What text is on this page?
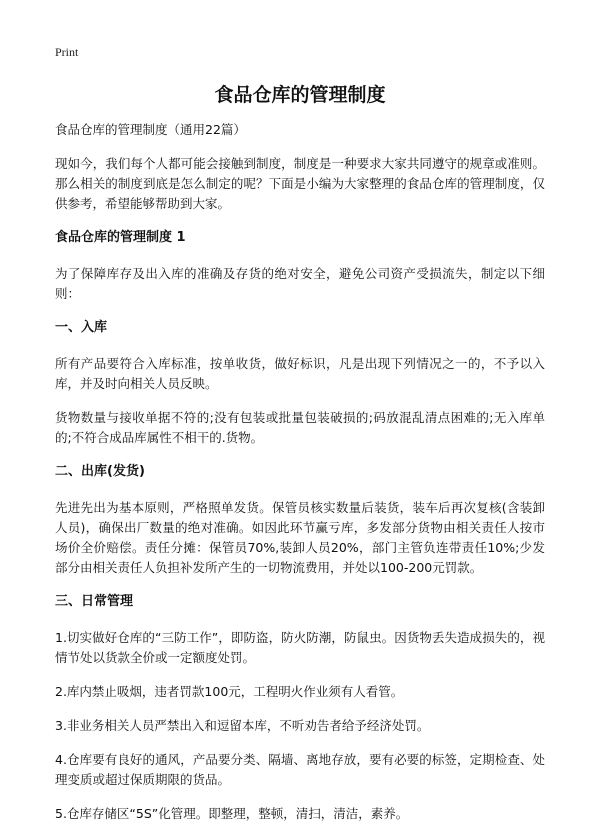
Print
食品仓库的管理制度

食品仓库的管理制度（通用22篇）

现如今，我们每个人都可能会接触到制度，制度是一种要求大家共同遵守的规章或准则。那么相关的制度到底是怎么制定的呢？下面是小编为大家整理的食品仓库的管理制度，仅供参考，希望能够帮助到大家。

食品仓库的管理制度 1

为了保障库存及出入库的准确及存货的绝对安全，避免公司资产受损流失，制定以下细则：

一、入库

所有产品要符合入库标准，按单收货，做好标识，凡是出现下列情况之一的，不予以入库，并及时向相关人员反映。

货物数量与接收单据不符的;没有包装或批量包装破损的;码放混乱清点困难的;无入库单的;不符合成品库属性不相干的.货物。

二、出库(发货)

先进先出为基本原则，严格照单发货。保管员核实数量后装货，装车后再次复核(含装卸人员)，确保出厂数量的绝对准确。如因此环节赢亏库，多发部分货物由相关责任人按市场价全价赔偿。责任分摊：保管员70%,装卸人员20%，部门主管负连带责任10%;少发部分由相关责任人负担补发所产生的一切物流费用，并处以100-200元罚款。

三、日常管理

1.切实做好仓库的“三防工作”，即防盗，防火防潮，防鼠虫。因货物丢失造成损失的，视情节处以货款全价或一定额度处罚。

2.库内禁止吸烟，违者罚款100元，工程明火作业须有人看管。

3.非业务相关人员严禁出入和逗留本库，不听劝告者给予经济处罚。

4.仓库要有良好的通风，产品要分类、隔墙、离地存放，要有必要的标签，定期检查、处理变质或超过保质期限的货品。

5.仓库存储区“5S”化管理。即整理，整顿，清扫，清洁，素养。
